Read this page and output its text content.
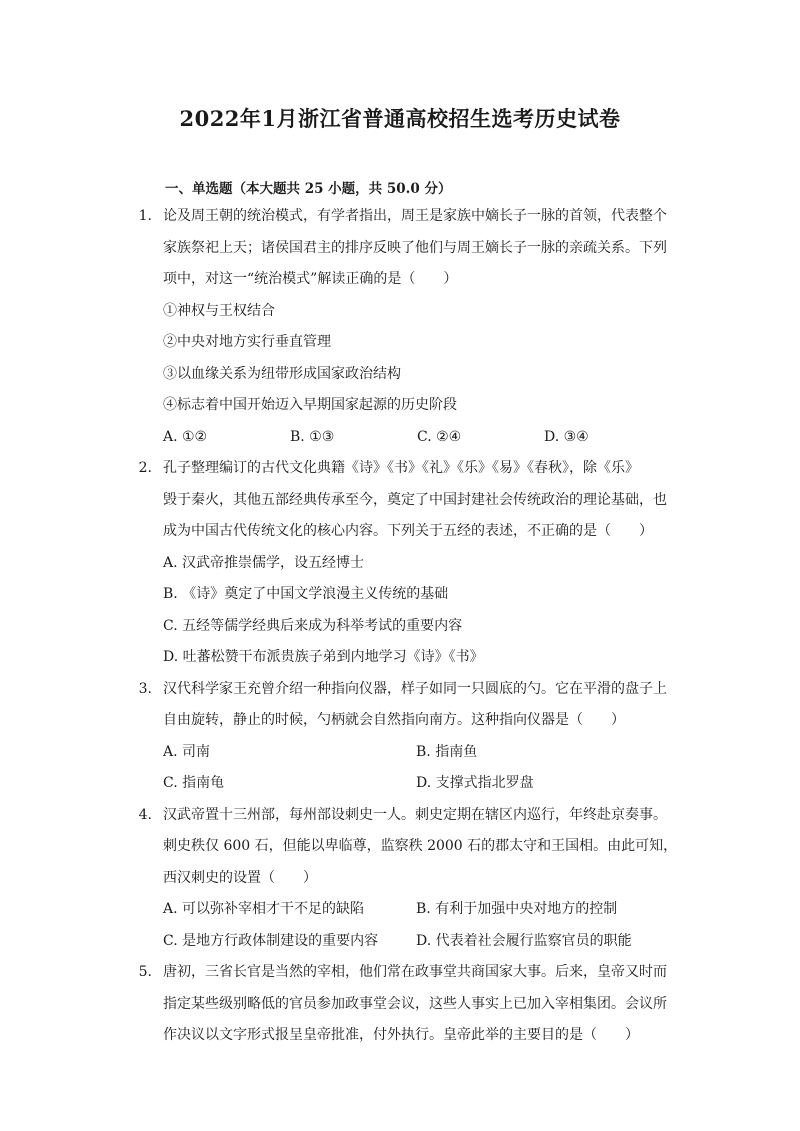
2022年1月浙江省普通高校招生选考历史试卷
一、单选题（本大题共 25 小题，共 50.0 分）
1. 论及周王朝的统治模式，有学者指出，周王是家族中嫡长子一脉的首领，代表整个
家族祭祀上天；诸侯国君主的排序反映了他们与周王嫡长子一脉的亲疏关系。下列
项中，对这一“统治模式”解读正确的是（　　）
①神权与王权结合
②中央对地方实行垂直管理
③以血缘关系为纽带形成国家政治结构
④标志着中国开始迈入早期国家起源的历史阶段
A. ①②	B. ①③	C. ②④	D. ③④
2. 孔子整理编订的古代文化典籍《诗》《书》《礼》《乐》《易》《春秋》，除《乐》
毁于秦火，其他五部经典传承至今，奠定了中国封建社会传统政治的理论基础，也
成为中国古代传统文化的核心内容。下列关于五经的表述，不正确的是（　　）
A. 汉武帝推崇儒学，设五经博士
B. 《诗》奠定了中国文学浪漫主义传统的基础
C. 五经等儒学经典后来成为科举考试的重要内容
D. 吐蕃松赞干布派贵族子弟到内地学习《诗》《书》
3. 汉代科学家王充曾介绍一种指向仪器，样子如同一只圆底的勺。它在平滑的盘子上
自由旋转，静止的时候，勺柄就会自然指向南方。这种指向仪器是（　　）
A. 司南	B. 指南鱼
C. 指南龟	D. 支撑式指北罗盘
4. 汉武帝置十三州部，每州部设刺史一人。刺史定期在辖区内巡行，年终赴京奏事。
刺史秩仅 600 石，但能以卑临尊，监察秩 2000 石的郡太守和王国相。由此可知，
西汉刺史的设置（　　）
A. 可以弥补宰相才干不足的缺陷	B. 有利于加强中央对地方的控制
C. 是地方行政体制建设的重要内容	D. 代表着社会履行监察官员的职能
5. 唐初，三省长官是当然的宰相，他们常在政事堂共商国家大事。后来，皇帝又时而
指定某些级别略低的官员参加政事堂会议，这些人事实上已加入宰相集团。会议所
作决议以文字形式报呈皇帝批准，付外执行。皇帝此举的主要目的是（　　）
